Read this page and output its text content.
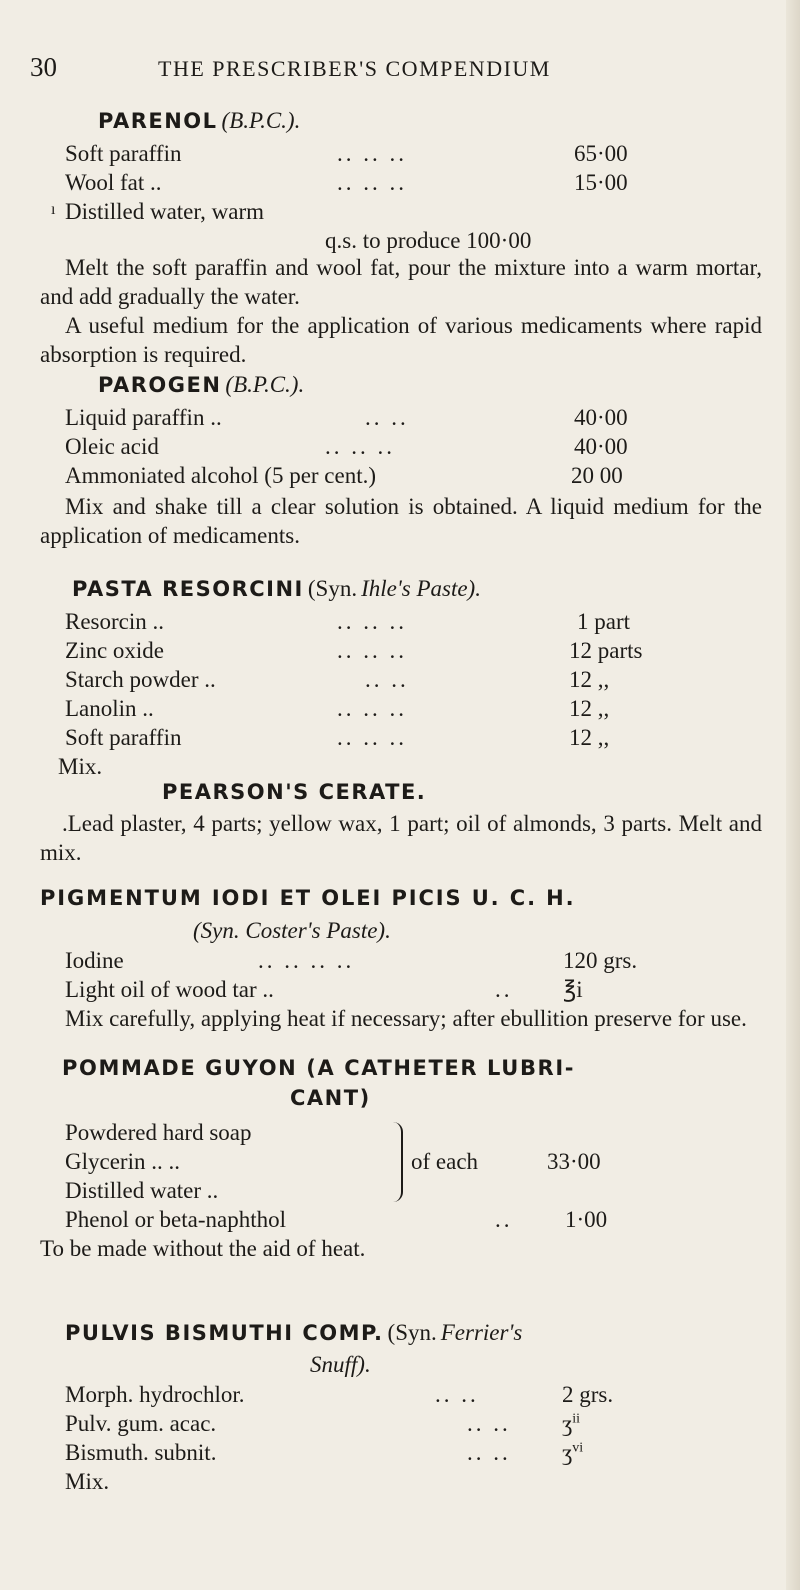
30	THE PRESCRIBER'S COMPENDIUM
PARENOL (B.P.C.).
Soft paraffin	.. .. ..	65·00
Wool fat ..	.. .. ..	15·00
ı Distilled water, warm
q.s. to produce 100·00

Melt the soft paraffin and wool fat, pour the mixture into a warm mortar, and add gradually the water.

A useful medium for the application of various medicaments where rapid absorption is required.

PAROGEN (B.P.C.).
Liquid paraffin ..	.. ..	40·00
Oleic acid	.. .. ..	40·00
Ammoniated alcohol (5 per cent.)	20 00

Mix and shake till a clear solution is obtained. A liquid medium for the application of medicaments.

PASTA RESORCINI (Syn. Ihle's Paste).
Resorcin ..	.. .. ..	1 part
Zinc oxide	.. .. ..	12 parts
Starch powder ..	.. ..	12 ,,
Lanolin ..	.. .. ..	12 ,,
Soft paraffin	.. .. ..	12 ,,
Mix.
PEARSON'S CERATE.

.Lead plaster, 4 parts; yellow wax, 1 part; oil of almonds, 3 parts. Melt and mix.

PIGMENTUM IODI ET OLEI PICIS U. C. H.
(Syn. Coster's Paste).
Iodine	.. .. .. ..	120 grs.
Light oil of wood tar ..	.. ℥i

Mix carefully, applying heat if necessary; after ebullition preserve for use.

POMMADE GUYON (A CATHETER LUBRI-
CANT)
Powdered hard soap
Glycerin .. ..
Distilled water ..
of each	33·00
Phenol or beta-naphthol	.. 1·00

To be made without the aid of heat.

PULVIS BISMUTHI COMP. (Syn. Ferrier's
Snuff).
Morph. hydrochlor.	.. ..	2 grs.
Pulv. gum. acac.	.. .. ʒ$^{ii}$
Bismuth. subnit.	.. .. ʒ$^{vi}$
Mix.
